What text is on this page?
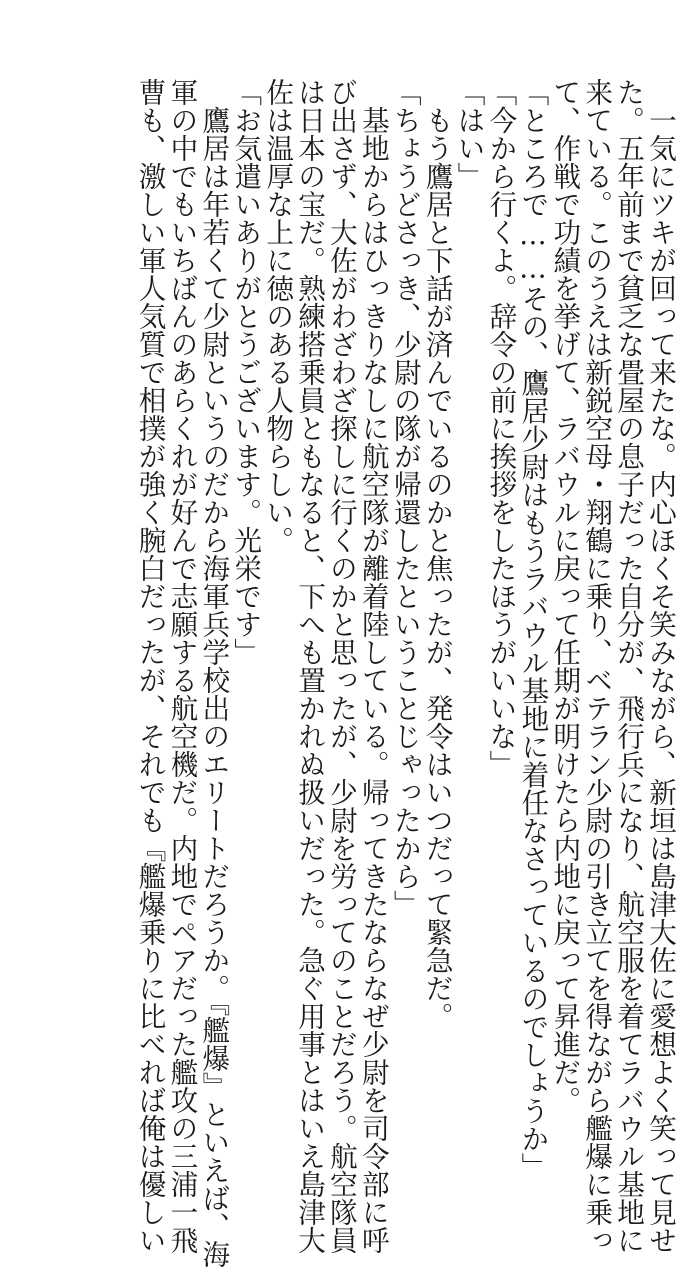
一気にツキが回って来たな。内心ほくそ笑みながら、新垣は島津大佐に愛想よく笑って見せ
た。五年前まで貧乏な畳屋の息子だった自分が、飛行兵になり、航空服を着てラバウル基地に
来ている。このうえは新鋭空母・翔鶴に乗り、ベテラン少尉の引き立てを得ながら艦爆に乗っ
て、作戦で功績を挙げて、ラバウルに戻って任期が明けたら内地に戻って昇進だ。
「ところで……その、鷹居少尉はもうラバウル基地に着任なさっているのでしょうか」
「今から行くよ。辞令の前に挨拶をしたほうがいいな」
「はい」
もう鷹居と下話が済んでいるのかと焦ったが、発令はいつだって緊急だ。
「ちょうどさっき、少尉の隊が帰還したということじゃったから」
基地からはひっきりなしに航空隊が離着陸している。帰ってきたならなぜ少尉を司令部に呼
び出さず、大佐がわざわざ探しに行くのかと思ったが、少尉を労ってのことだろう。航空隊員
は日本の宝だ。熟練搭乗員ともなると、下へも置かれぬ扱いだった。急ぐ用事とはいえ島津大
佐は温厚な上に徳のある人物らしい。
「お気遣いありがとうございます。光栄です」
鷹居は年若くて少尉というのだから海軍兵学校出のエリートだろうか。『艦爆』といえば、海
軍の中でもいちばんのあらくれが好んで志願する航空機だ。内地でペアだった艦攻の三浦一飛
曹も、激しい軍人気質で相撲が強く腕白だったが、それでも『艦爆乗りに比べれば俺は優しい
